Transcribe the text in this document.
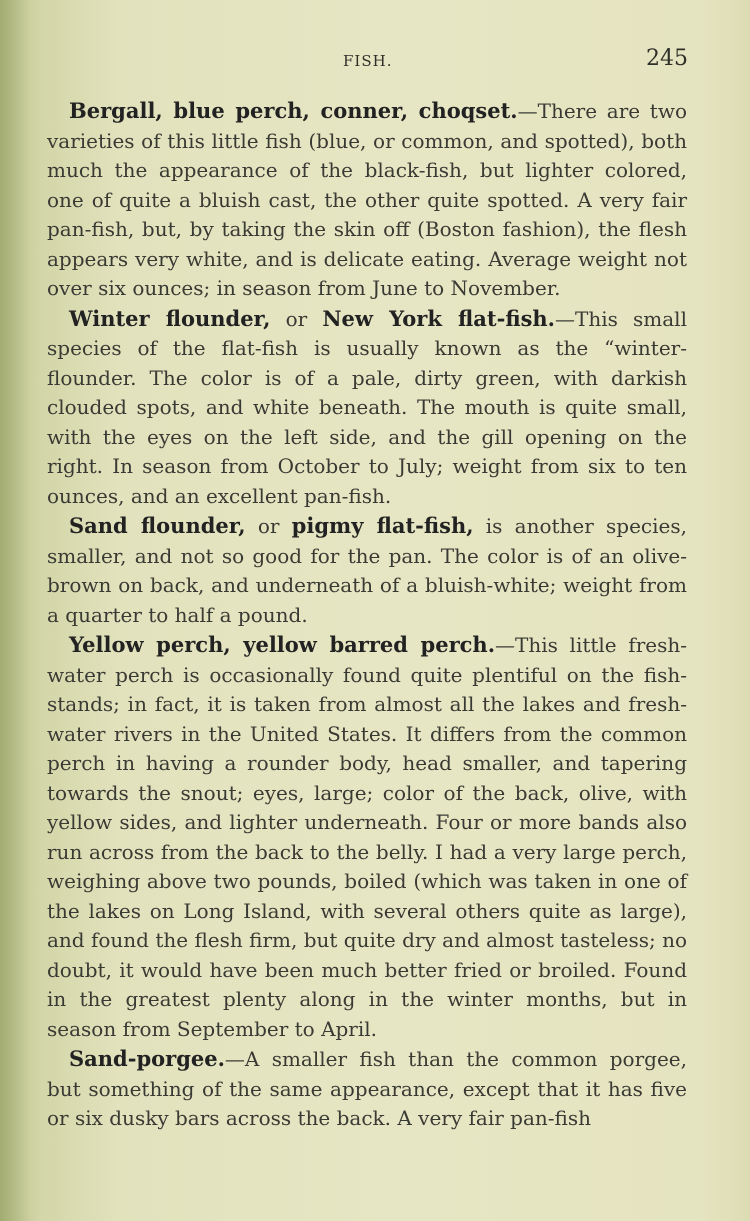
FISH.	245

Bergall, blue perch, conner, choqset.—There are two varieties of this little fish (blue, or common, and spotted), both much the appearance of the black-fish, but lighter colored, one of quite a bluish cast, the other quite spotted. A very fair pan-fish, but, by taking the skin off (Boston fashion), the flesh appears very white, and is delicate eating. Average weight not over six ounces; in season from June to November.

Winter flounder, or New York flat-fish.—This small species of the flat-fish is usually known as the “winter-flounder. The color is of a pale, dirty green, with darkish clouded spots, and white beneath. The mouth is quite small, with the eyes on the left side, and the gill opening on the right. In season from October to July; weight from six to ten ounces, and an excellent pan-fish.

Sand flounder, or pigmy flat-fish, is another species, smaller, and not so good for the pan. The color is of an olive-brown on back, and underneath of a bluish-white; weight from a quarter to half a pound.

Yellow perch, yellow barred perch.—This little fresh-water perch is occasionally found quite plentiful on the fish-stands; in fact, it is taken from almost all the lakes and fresh-water rivers in the United States. It differs from the common perch in having a rounder body, head smaller, and tapering towards the snout; eyes, large; color of the back, olive, with yellow sides, and lighter underneath. Four or more bands also run across from the back to the belly. I had a very large perch, weighing above two pounds, boiled (which was taken in one of the lakes on Long Island, with several others quite as large), and found the flesh firm, but quite dry and almost tasteless; no doubt, it would have been much better fried or broiled. Found in the greatest plenty along in the winter months, but in season from September to April.

Sand-porgee.—A smaller fish than the common porgee, but something of the same appearance, except that it has five or six dusky bars across the back. A very fair pan-fish
